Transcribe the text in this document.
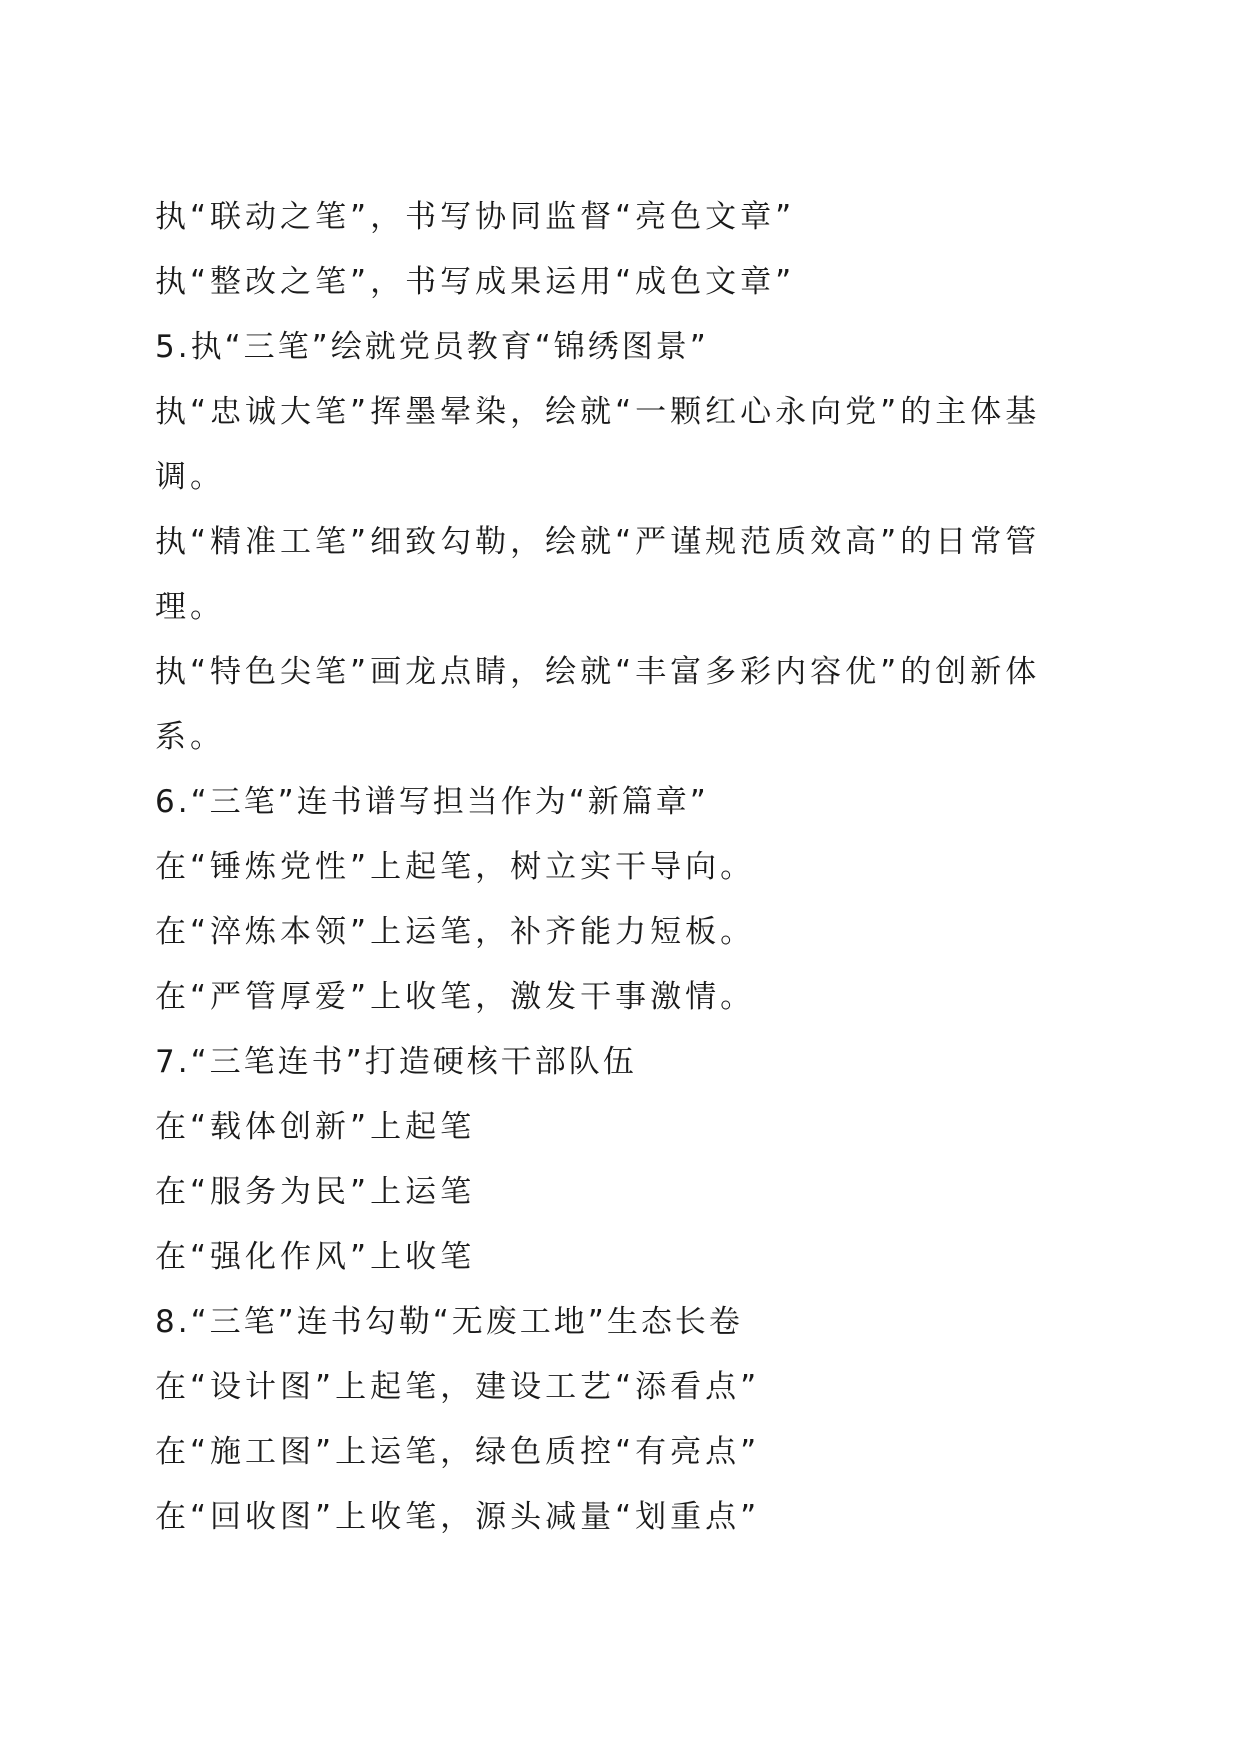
执“联动之笔”，书写协同监督“亮色文章”
执“整改之笔”，书写成果运用“成色文章”
5.执“三笔”绘就党员教育“锦绣图景”
执“忠诚大笔”挥墨晕染，绘就“一颗红心永向党”的主体基
调。
执“精准工笔”细致勾勒，绘就“严谨规范质效高”的日常管
理。
执“特色尖笔”画龙点睛，绘就“丰富多彩内容优”的创新体
系。
6.“三笔”连书谱写担当作为“新篇章”
在“锤炼党性”上起笔，树立实干导向。
在“淬炼本领”上运笔，补齐能力短板。
在“严管厚爱”上收笔，激发干事激情。
7.“三笔连书”打造硬核干部队伍
在“载体创新”上起笔
在“服务为民”上运笔
在“强化作风”上收笔
8.“三笔”连书勾勒“无废工地”生态长卷
在“设计图”上起笔，建设工艺“添看点”
在“施工图”上运笔，绿色质控“有亮点”
在“回收图”上收笔，源头减量“划重点”
